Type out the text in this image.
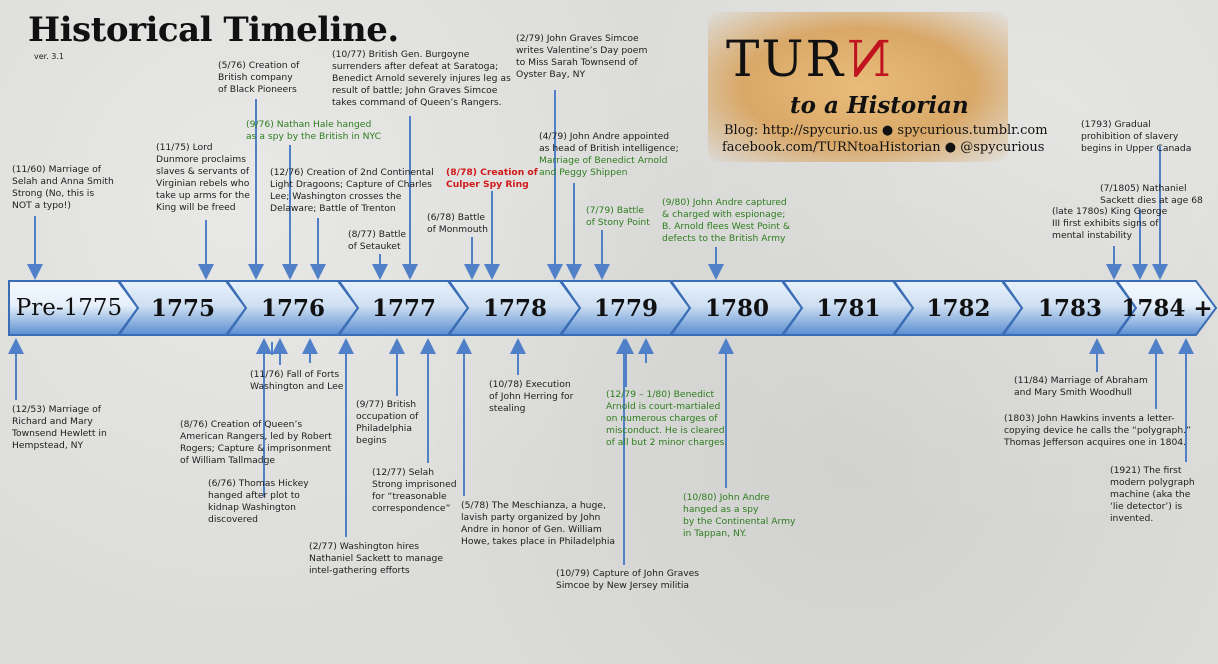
Historical Timeline.
ver. 3.1	TURN
to a Historian
Blog: http://spycurio.us ● spycurious.tumblr.com
facebook.com/TURNtoaHistorian ● @spycurious
Pre-1775 1775 1776 1777 1778 1779 1780 1781 1782 1783 1784 +
(11/60) Marriage of
Selah and Anna Smith
Strong (No, this is
NOT a typo!)
(11/75) Lord
Dunmore proclaims
slaves & servants of
Virginian rebels who
take up arms for the
King will be freed
(5/76) Creation of
British company
of Black Pioneers
(9/76) Nathan Hale hanged
as a spy by the British in NYC
(12/76) Creation of 2nd Continental
Light Dragoons; Capture of Charles
Lee; Washington crosses the
Delaware; Battle of Trenton
(10/77) British Gen. Burgoyne
surrenders after defeat at Saratoga;
Benedict Arnold severely injures leg as
result of battle; John Graves Simcoe
takes command of Queen’s Rangers.
(8/77) Battle
of Setauket
(8/78) Creation of
Culper Spy Ring
(6/78) Battle
of Monmouth
(2/79) John Graves Simcoe
writes Valentine’s Day poem
to Miss Sarah Townsend of
Oyster Bay, NY
(4/79) John Andre appointed
as head of British intelligence;
Marriage of Benedict Arnold
and Peggy Shippen
(7/79) Battle
of Stony Point
(9/80) John Andre captured
& charged with espionage;
B. Arnold flees West Point &
defects to the British Army
(1793) Gradual
prohibition of slavery
begins in Upper Canada
(7/1805) Nathaniel
Sackett dies at age 68
(late 1780s) King George
III first exhibits signs of
mental instability
(12/53) Marriage of
Richard and Mary
Townsend Hewlett in
Hempstead, NY
(11/76) Fall of Forts
Washington and Lee
(8/76) Creation of Queen’s
American Rangers, led by Robert
Rogers; Capture & imprisonment
of William Tallmadge
(6/76) Thomas Hickey
hanged after plot to
kidnap Washington
discovered
(9/77) British
occupation of
Philadelphia
begins
(12/77) Selah
Strong imprisoned
for “treasonable
correspondence”
(2/77) Washington hires
Nathaniel Sackett to manage
intel-gathering efforts
(10/78) Execution
of John Herring for
stealing
(5/78) The Meschianza, a huge,
lavish party organized by John
Andre in honor of Gen. William
Howe, takes place in Philadelphia
(12/79 – 1/80) Benedict
Arnold is court-martialed
on numerous charges of
misconduct. He is cleared
of all but 2 minor charges.
(10/79) Capture of John Graves
Simcoe by New Jersey militia
(10/80) John Andre
hanged as a spy
by the Continental Army
in Tappan, NY.
(11/84) Marriage of Abraham
and Mary Smith Woodhull
(1803) John Hawkins invents a letter-
copying device he calls the “polygraph.”
Thomas Jefferson acquires one in 1804.
(1921) The first
modern polygraph
machine (aka the
‘lie detector’) is
invented.
